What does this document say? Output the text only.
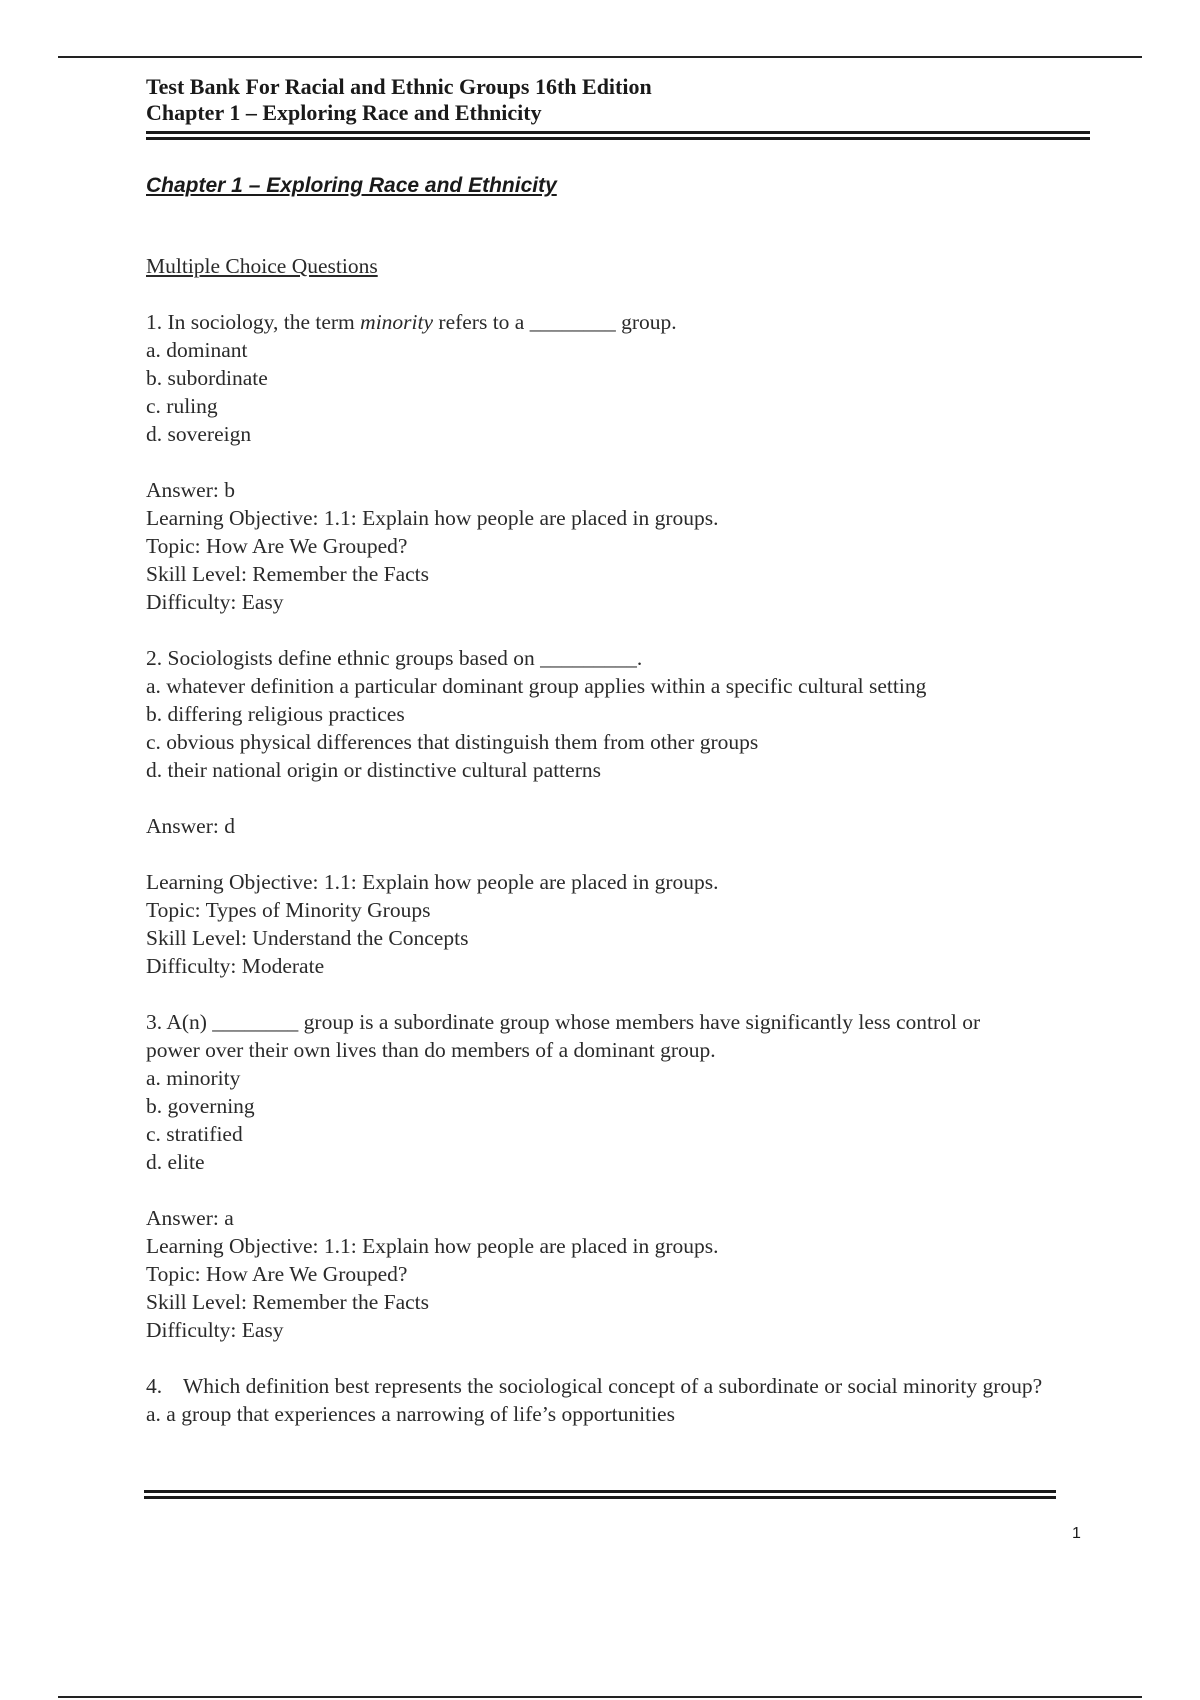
Test Bank For Racial and Ethnic Groups 16th Edition
Chapter 1 – Exploring Race and Ethnicity
Chapter 1 – Exploring Race and Ethnicity
Multiple Choice Questions
1. In sociology, the term minority refers to a ________ group.
a. dominant
b. subordinate
c. ruling
d. sovereign
Answer: b
Learning Objective: 1.1: Explain how people are placed in groups.
Topic: How Are We Grouped?
Skill Level: Remember the Facts
Difficulty: Easy
2. Sociologists define ethnic groups based on _________.
a. whatever definition a particular dominant group applies within a specific cultural setting
b. differing religious practices
c. obvious physical differences that distinguish them from other groups
d. their national origin or distinctive cultural patterns
Answer: d
Learning Objective: 1.1: Explain how people are placed in groups.
Topic: Types of Minority Groups
Skill Level: Understand the Concepts
Difficulty: Moderate
3. A(n) ________ group is a subordinate group whose members have significantly less control or
power over their own lives than do members of a dominant group.
a. minority
b. governing
c. stratified
d. elite
Answer: a
Learning Objective: 1.1: Explain how people are placed in groups.
Topic: How Are We Grouped?
Skill Level: Remember the Facts
Difficulty: Easy
4. Which definition best represents the sociological concept of a subordinate or social minority group?
a. a group that experiences a narrowing of life’s opportunities
1
